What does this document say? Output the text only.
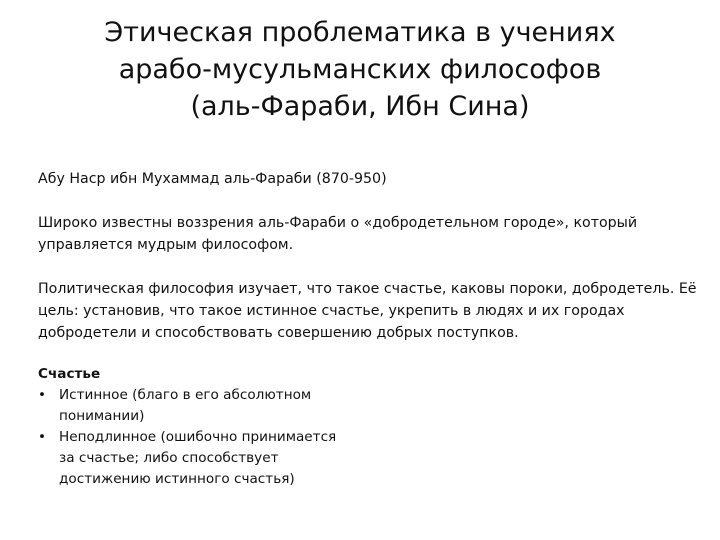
Этическая проблематика в учениях
арабо-мусульманских философов
(аль-Фараби, Ибн Сина)

Абу Наср ибн Мухаммад аль-Фараби (870-950)

Широко известны воззрения аль-Фараби о «добродетельном городе», который управляется мудрым философом.

Политическая философия изучает, что такое счастье, каковы пороки, добродетель. Её цель: установив, что такое истинное счастье, укрепить в людях и их городах добродетели и способствовать совершению добрых поступков.

Счастье

• Истинное (благо в его абсолютном понимании)
• Неподлинное (ошибочно принимается за счастье; либо способствует достижению истинного счастья)
